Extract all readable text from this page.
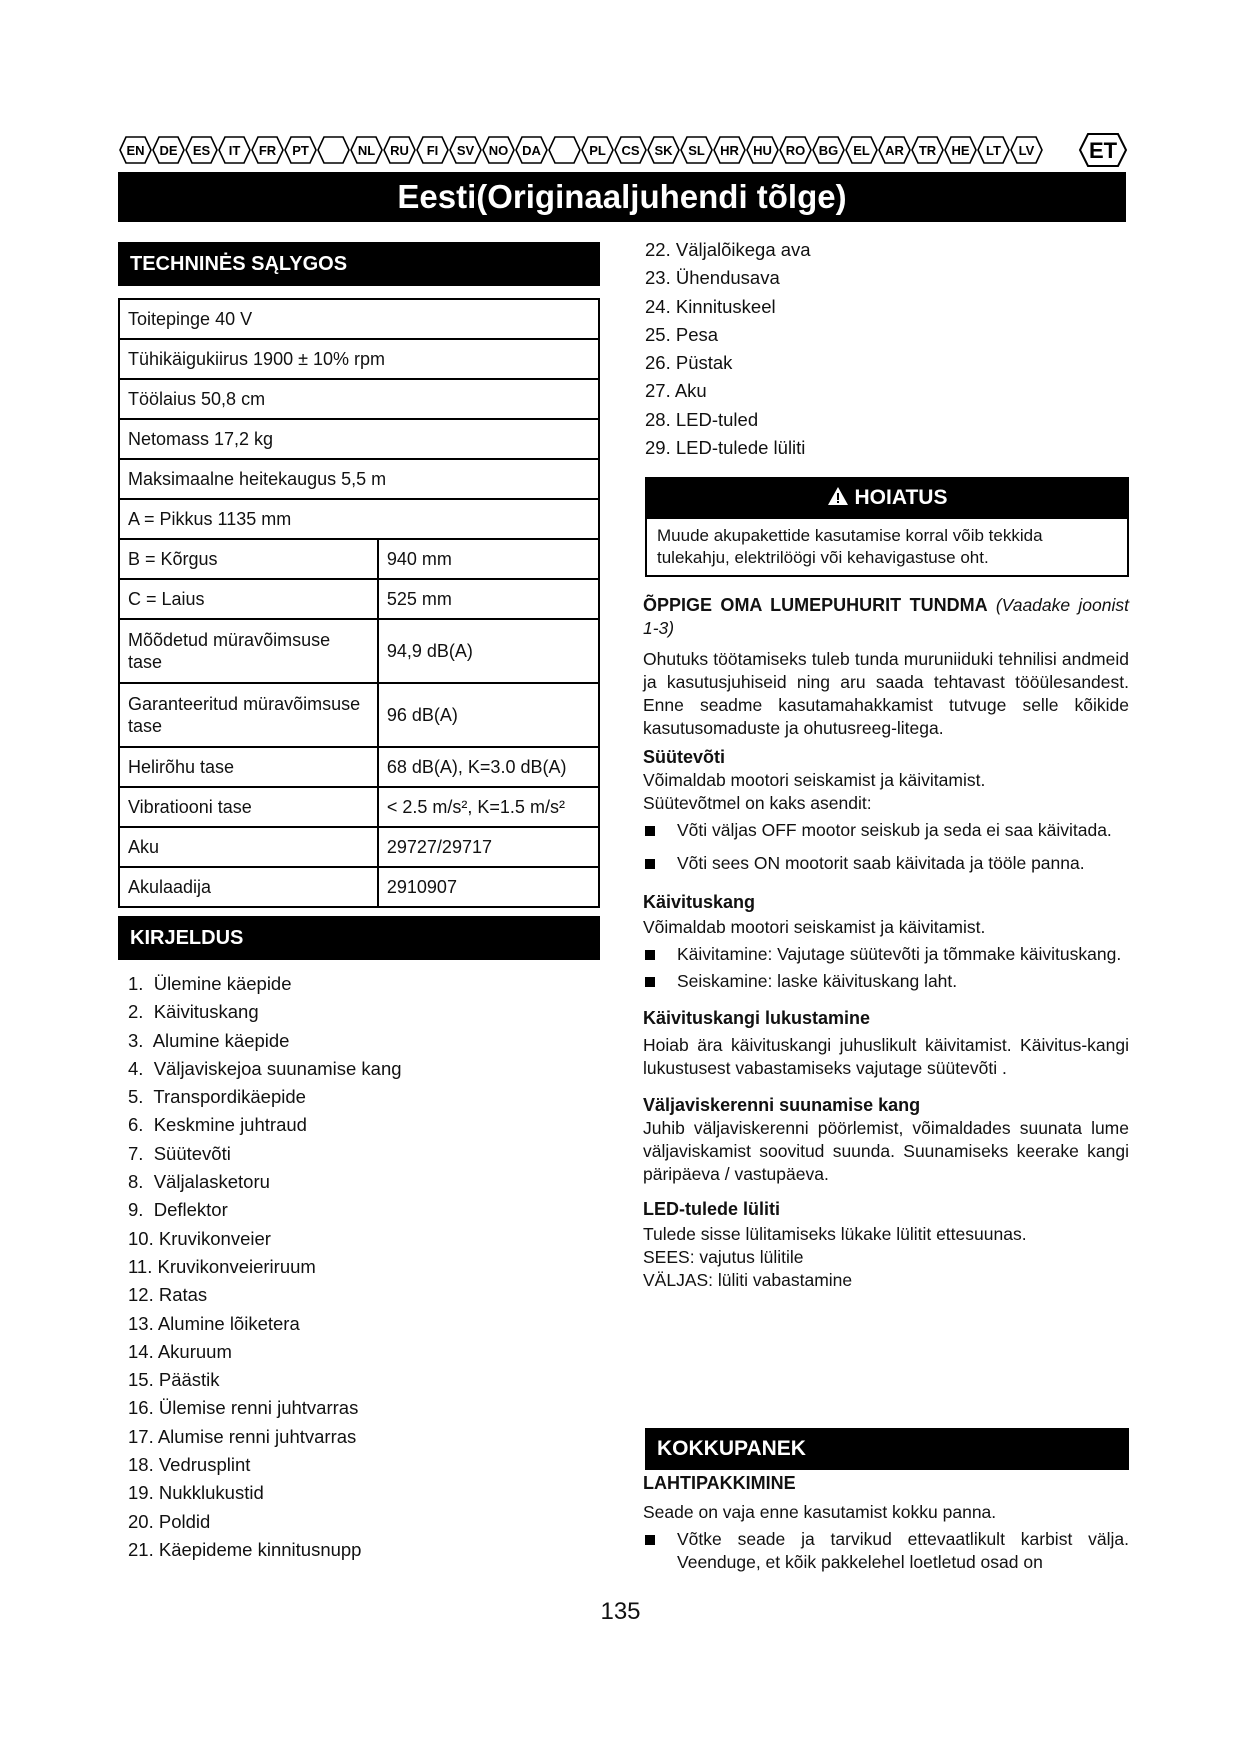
EN DE ES IT FR PT	NL RU FI SV NO DA	PL CS SK SL HR HU RO BG EL AR TR HE LT LV ET
Eesti(Originaaljuhendi tõlge)
TECHNINĖS SĄLYGOS
Toitepinge 40 V	
Tühikäigukiirus 1900 ± 10% rpm	
Töölaius 50,8 cm	
Netomass 17,2 kg	
Maksimaalne heitekaugus 5,5 m	
A = Pikkus 1135 mm	
B = Kõrgus	940 mm
C = Laius	525 mm
Mõõdetud müravõimsuse tase	94,9 dB(A)
Garanteeritud müravõimsuse tase	96 dB(A)
Helirõhu tase	68 dB(A), K=3.0 dB(A)
Vibratiooni tase	< 2.5 m/s², K=1.5 m/s²
Aku	29727/29717
Akulaadija	2910907
KIRJELDUS
1.  Ülemine käepide
2.  Käivituskang
3.  Alumine käepide
4.  Väljaviskejoa suunamise kang
5.  Transpordikäepide
6.  Keskmine juhtraud
7.  Süütevõti
8.  Väljalasketoru
9.  Deflektor
10. Kruvikonveier
11. Kruvikonveieriruum
12. Ratas
13. Alumine lõiketera
14. Akuruum
15. Päästik
16. Ülemise renni juhtvarras
17. Alumise renni juhtvarras
18. Vedrusplint
19. Nukklukustid
20. Poldid
21. Käepideme kinnitusnupp
22. Väljalõikega ava
23. Ühendusava
24. Kinnituskeel
25. Pesa
26. Püstak
27. Aku
28. LED-tuled
29. LED-tulede lüliti
HOIATUS
Muude akupakettide kasutamise korral võib tekkida tulekahju, elektrilöögi või kehavigastuse oht.
ÕPPIGE OMA LUMEPUHURIT TUNDMA (Vaadake joonist 1-3)
Ohutuks töötamiseks tuleb tunda muruniiduki tehnilisi andmeid ja kasutusjuhiseid ning aru saada tehtavast tööülesandest. Enne seadme kasutamahakkamist tutvuge selle kõikide kasutusomaduste ja ohutusreeg-litega.
Süütevõti
Võimaldab mootori seiskamist ja käivitamist.
Süütevõtmel on kaks asendit:
Võti väljas OFF mootor seiskub ja seda ei saa käivitada.
Võti sees ON mootorit saab käivitada ja tööle panna.
Käivituskang
Võimaldab mootori seiskamist ja käivitamist.
Käivitamine: Vajutage süütevõti ja tõmmake käivituskang.
Seiskamine: laske käivituskang laht.
Käivituskangi lukustamine
Hoiab ära käivituskangi juhuslikult käivitamist. Käivitus-kangi lukustusest vabastamiseks vajutage süütevõti .
Väljaviskerenni suunamise kang
Juhib väljaviskerenni pöörlemist, võimaldades suunata lume väljaviskamist soovitud suunda. Suunamiseks keerake kangi päripäeva / vastupäeva.
LED-tulede lüliti
Tulede sisse lülitamiseks lükake lülitit ettesuunas.
SEES: vajutus lülitile
VÄLJAS: lüliti vabastamine
KOKKUPANEK
LAHTIPAKKIMINE
Seade on vaja enne kasutamist kokku panna.
Võtke seade ja tarvikud ettevaatlikult karbist välja. Veenduge, et kõik pakkelehel loetletud osad on
135
